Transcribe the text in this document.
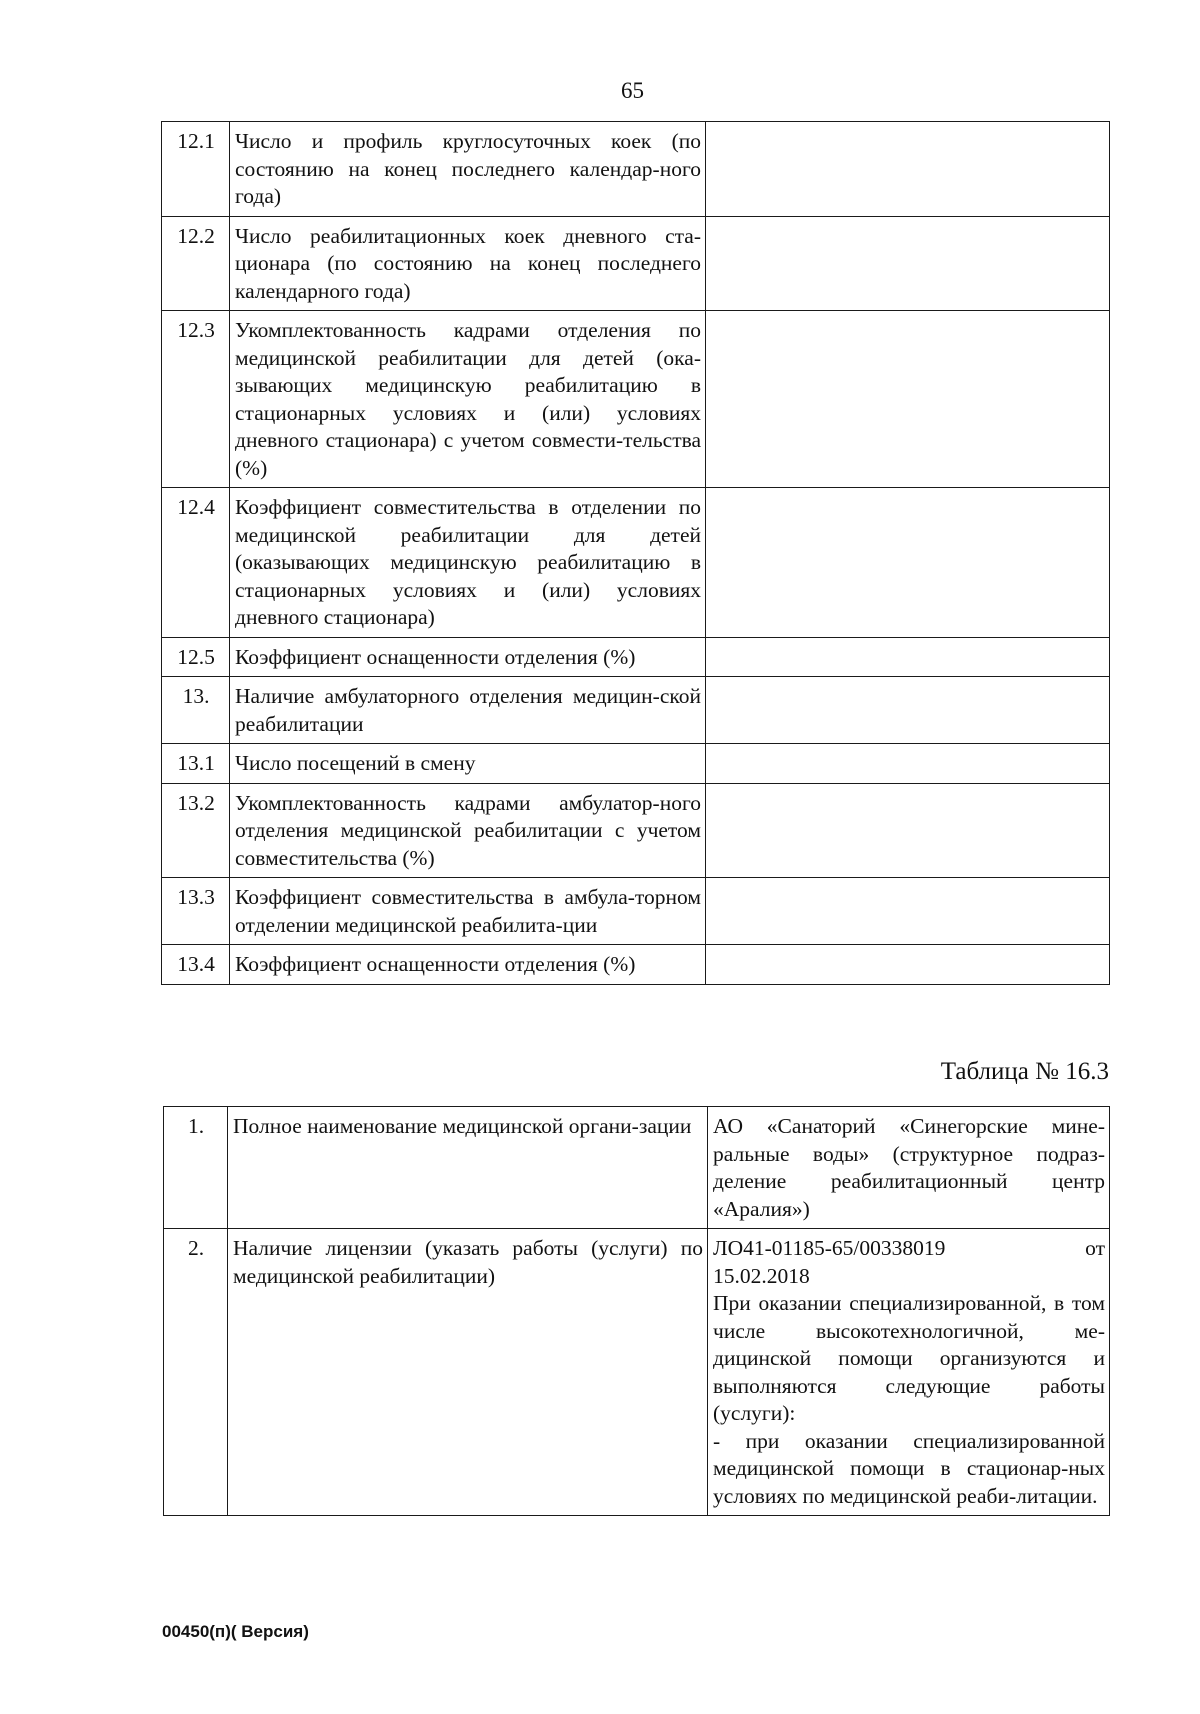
65
12.1	Число и профиль круглосуточных коек (по состоянию на конец последнего календар-ного года)	
12.2	Число реабилитационных коек дневного ста-ционара (по состоянию на конец последнего календарного года)	
12.3	Укомплектованность кадрами отделения по медицинской реабилитации для детей (ока-зывающих медицинскую реабилитацию в стационарных условиях и (или) условиях дневного стационара) с учетом совмести-тельства (%)	
12.4	Коэффициент совместительства в отделении по медицинской реабилитации для детей (оказывающих медицинскую реабилитацию в стационарных условиях и (или) условиях дневного стационара)	
12.5	Коэффициент оснащенности отделения (%)	
13.	Наличие амбулаторного отделения медицин-ской реабилитации	
13.1	Число посещений в смену	
13.2	Укомплектованность кадрами амбулатор-ного отделения медицинской реабилитации с учетом совместительства (%)	
13.3	Коэффициент совместительства в амбула-торном отделении медицинской реабилита-ции	
13.4	Коэффициент оснащенности отделения (%)	
Таблица № 16.3
1.	Полное наименование медицинской органи-зации	АО «Санаторий «Синегорские мине-ральные воды» (структурное подраз-деление реабилитационный центр «Аралия»)
2.	Наличие лицензии (указать работы (услуги) по медицинской реабилитации)	ЛО41-01185-65/00338019 от
15.02.2018
При оказании специализированной, в том числе высокотехнологичной, ме-дицинской помощи организуются и выполняются следующие работы (услуги):
- при оказании специализированной медицинской помощи в стационар-ных условиях по медицинской реаби-литации.
00450(п)( Версия)
